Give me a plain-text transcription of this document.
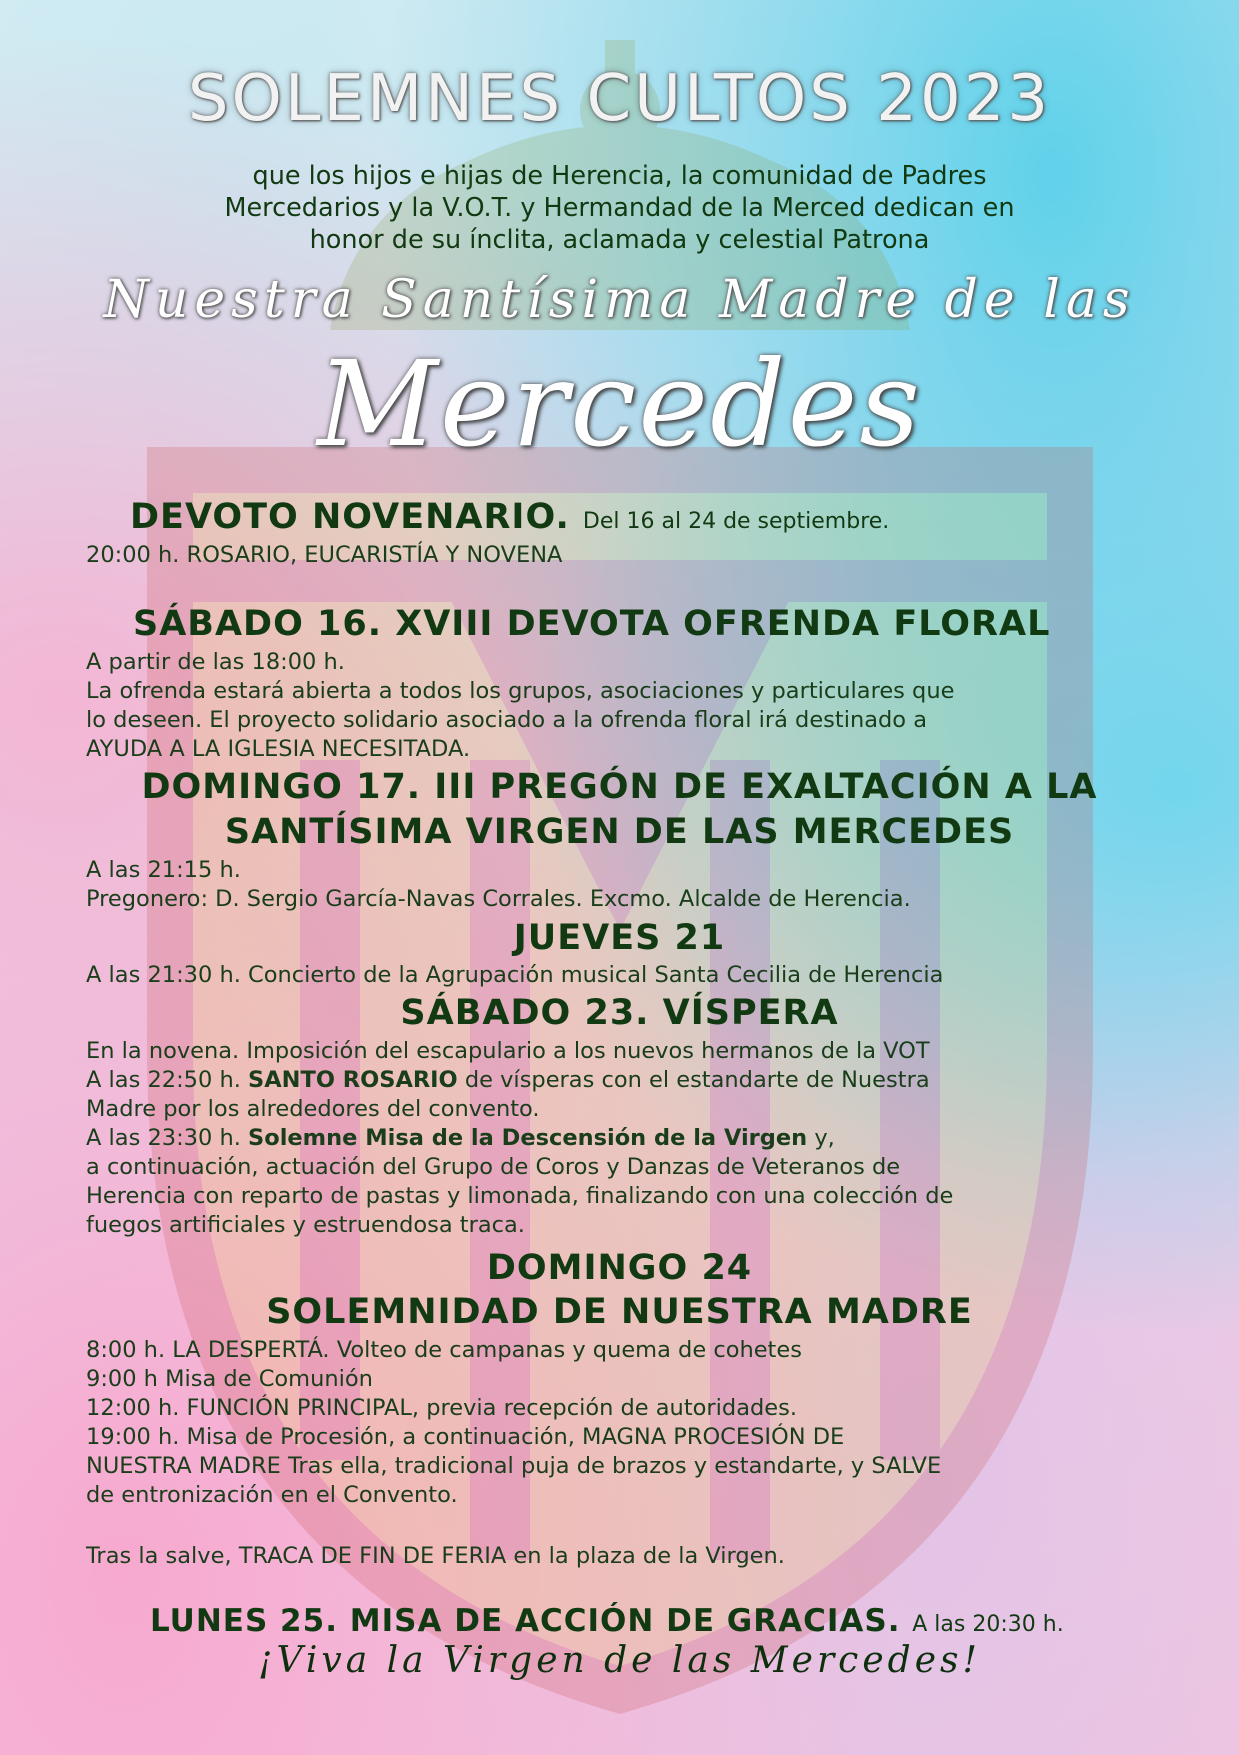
SOLEMNES CULTOS 2023
que los hijos e hijas de Herencia, la comunidad de Padres
Mercedarios y la V.O.T. y Hermandad de la Merced dedican en
honor de su ínclita, aclamada y celestial Patrona
Nuestra Santísima Madre de las
Mercedes
DEVOTO NOVENARIO. Del 16 al 24 de septiembre.
20:00 h. ROSARIO, EUCARISTÍA Y NOVENA
SÁBADO 16. XVIII DEVOTA OFRENDA FLORAL
A partir de las 18:00 h.
La ofrenda estará abierta a todos los grupos, asociaciones y particulares que
lo deseen. El proyecto solidario asociado a la ofrenda floral irá destinado a
AYUDA A LA IGLESIA NECESITADA.
DOMINGO 17. III PREGÓN DE EXALTACIÓN A LA
SANTÍSIMA VIRGEN DE LAS MERCEDES
A las 21:15 h.
Pregonero: D. Sergio García-Navas Corrales. Excmo. Alcalde de Herencia.
JUEVES 21
A las 21:30 h. Concierto de la Agrupación musical Santa Cecilia de Herencia
SÁBADO 23. VÍSPERA
En la novena. Imposición del escapulario a los nuevos hermanos de la VOT
A las 22:50 h. SANTO ROSARIO de vísperas con el estandarte de Nuestra
Madre por los alrededores del convento.
A las 23:30 h. Solemne Misa de la Descensión de la Virgen y,
a continuación, actuación del Grupo de Coros y Danzas de Veteranos de
Herencia con reparto de pastas y limonada, finalizando con una colección de
fuegos artificiales y estruendosa traca.
DOMINGO 24
SOLEMNIDAD DE NUESTRA MADRE
8:00 h. LA DESPERTÁ. Volteo de campanas y quema de cohetes
9:00 h Misa de Comunión
12:00 h. FUNCIÓN PRINCIPAL, previa recepción de autoridades.
19:00 h. Misa de Procesión, a continuación, MAGNA PROCESIÓN DE
NUESTRA MADRE Tras ella, tradicional puja de brazos y estandarte, y SALVE
de entronización en el Convento.
Tras la salve, TRACA DE FIN DE FERIA en la plaza de la Virgen.
LUNES 25. MISA DE ACCIÓN DE GRACIAS. A las 20:30 h.
¡Viva la Virgen de las Mercedes!
